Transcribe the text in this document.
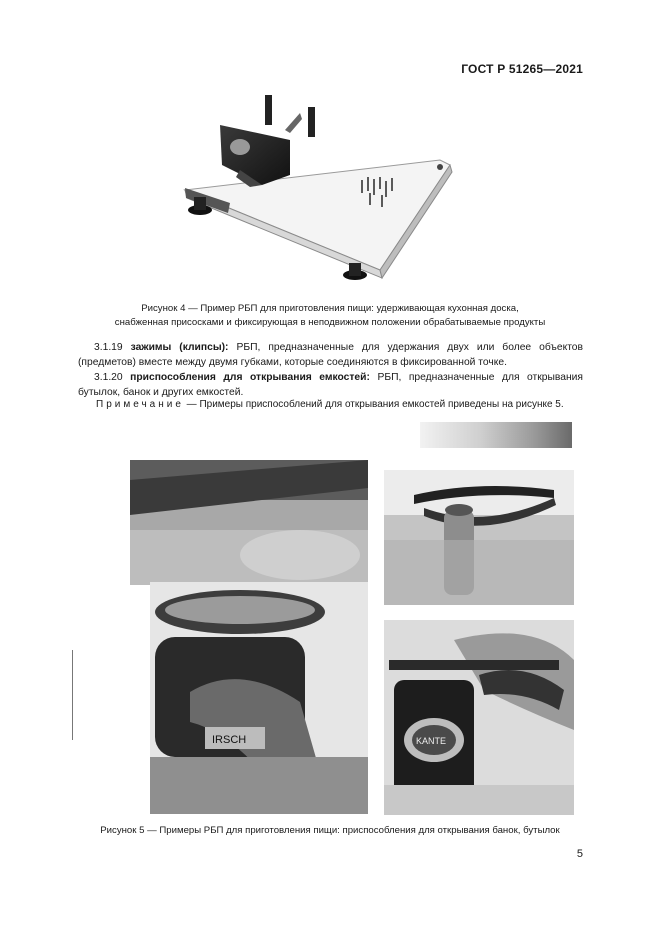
ГОСТ Р 51265—2021
Рисунок 4 — Пример РБП для приготовления пищи: удерживающая кухонная доска,
снабженная присосками и фиксирующая в неподвижном положении обрабатываемые продукты
3.1.19 зажимы (клипсы): РБП, предназначенные для удержания двух или более объектов (предметов) вместе между двумя губками, которые соединяются в фиксированной точке.
3.1.20 приспособления для открывания емкостей: РБП, предназначенные для открывания бутылок, банок и других емкостей.
Примечание — Примеры приспособлений для открывания емкостей приведены на рисунке 5.
IRSCH	KANTE
Рисунок 5 — Примеры РБП для приготовления пищи: приспособления для открывания банок, бутылок
5
